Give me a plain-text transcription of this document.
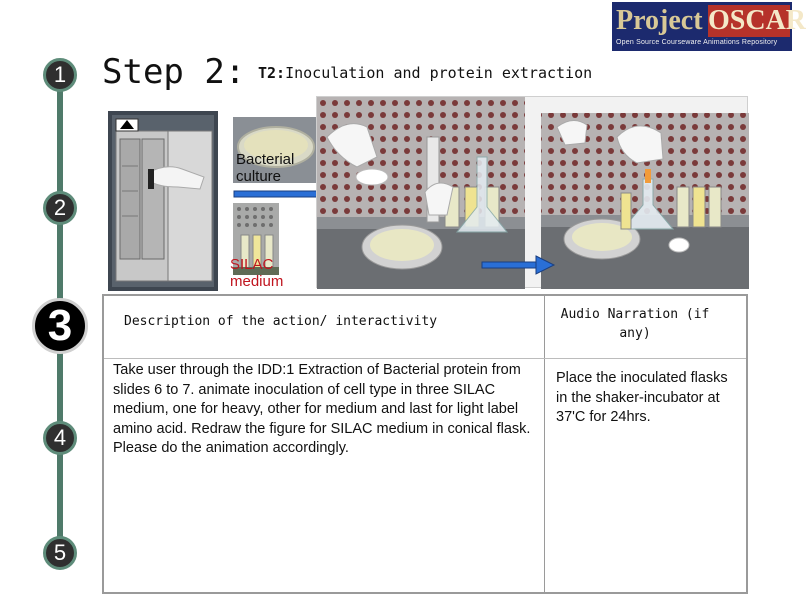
1
2
3
4
5
Step 2: T2:Inoculation and protein extraction
Project OSCAR
Open Source Courseware Animations Repository
Bacterial culture
SILAC medium
Description of the action/ interactivity	Audio Narration (if any)
Take user through the IDD:1 Extraction of Bacterial protein from slides 6 to 7. animate inoculation of cell type in three SILAC medium, one for heavy, other for medium and last for light label amino acid. Redraw the figure for SILAC medium in conical flask. Please do the animation accordingly.
Place the inoculated flasks in the shaker-incubator at 37'C for 24hrs.
